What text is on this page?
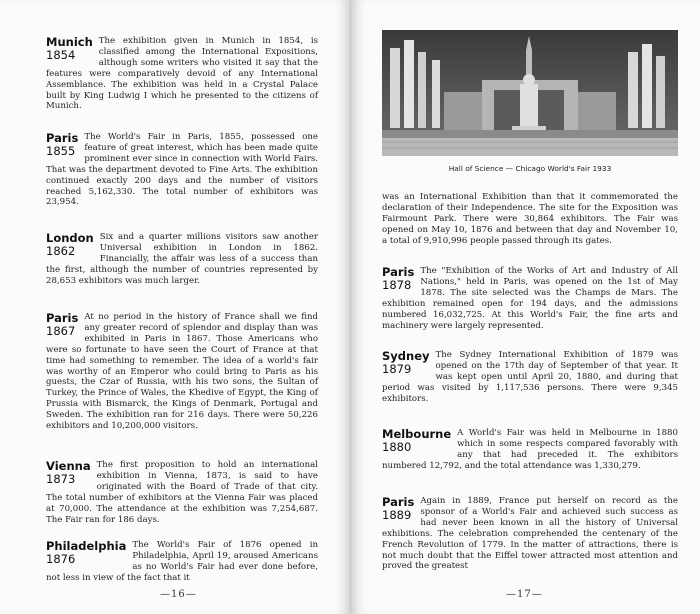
Munich
1854

The exhibition given in Munich in 1854, is classified among the International Expositions, although some writers who visited it say that the features were comparatively devoid of any International Assemblance. The exhibition was held in a Crystal Palace built by King Ludwig I which he presented to the citizens of Munich.

Paris
1855

The World's Fair in Paris, 1855, possessed one feature of great interest, which has been made quite prominent ever since in connection with World Fairs. That was the department devoted to Fine Arts. The exhibition continued exactly 200 days and the number of visitors reached 5,162,330. The total number of exhibitors was 23,954.

London
1862

Six and a quarter millions visitors saw another Universal exhibition in London in 1862. Financially, the affair was less of a success than the first, although the number of countries represented by 28,653 exhibitors was much larger.

Paris
1867

At no period in the history of France shall we find any greater record of splendor and display than was exhibited in Paris in 1867. Those Americans who were so fortunate to have seen the Court of France at that time had something to remember. The idea of a world's fair was worthy of an Emperor who could bring to Paris as his guests, the Czar of Russia, with his two sons, the Sultan of Turkey, the Prince of Wales, the Khedive of Egypt, the King of Prussia with Bismarck, the Kings of Denmark, Portugal and Sweden. The exhibition ran for 216 days. There were 50,226 exhibitors and 10,200,000 visitors.

Vienna
1873

The first proposition to hold an international exhibition in Vienna, 1873, is said to have originated with the Board of Trade of that city. The total number of exhibitors at the Vienna Fair was placed at 70,000. The attendance at the exhibition was 7,254,687. The Fair ran for 186 days.

Philadelphia
1876

The World's Fair of 1876 opened in Philadelphia, April 19, aroused Americans as no World's Fair had ever done before, not less in view of the fact that it

—16—
Hall of Science — Chicago World's Fair 1933
was an International Exhibition than that it commemorated the declaration of their Independence. The site for the Exposition was Fairmount Park. There were 30,864 exhibitors. The Fair was opened on May 10, 1876 and between that day and November 10, a total of 9,910,996 people passed through its gates.
Paris
1878

The "Exhibition of the Works of Art and Industry of All Nations," held in Paris, was opened on the 1st of May 1878. The site selected was the Champs de Mars. The exhibition remained open for 194 days, and the admissions numbered 16,032,725. At this World's Fair, the fine arts and machinery were largely represented.

Sydney
1879

The Sydney International Exhibition of 1879 was opened on the 17th day of September of that year. It was kept open until April 20, 1880, and during that period was visited by 1,117,536 persons. There were 9,345 exhibitors.

Melbourne
1880

A World's Fair was held in Melbourne in 1880 which in some respects compared favorably with any that had preceded it. The exhibitors numbered 12,792, and the total attendance was 1,330,279.

Paris
1889

Again in 1889, France put herself on record as the sponsor of a World's Fair and achieved such success as had never been known in all the history of Universal exhibitions. The celebration comprehended the centenary of the French Revolution of 1779. In the matter of attractions, there is not much doubt that the Eiffel tower attracted most attention and proved the greatest

—17—
